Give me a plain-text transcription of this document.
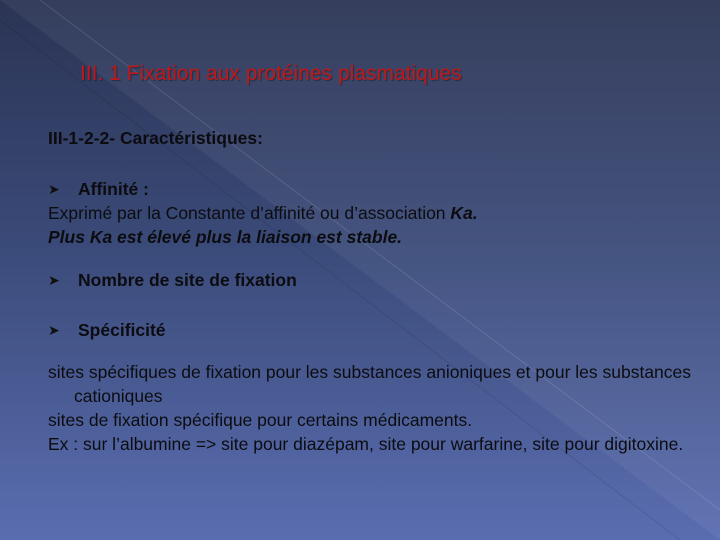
III. 1 Fixation aux protéines plasmatiques
III-1-2-2- Caractéristiques:
➤ Affinité :
Exprimé par la Constante d’affinité ou d’association Ka.
Plus Ka est élevé plus la liaison est stable.
➤ Nombre de site de fixation
➤ Spécificité
sites spécifiques de fixation pour les substances anioniques et pour les substances cationiques
sites de fixation spécifique pour certains médicaments.
Ex : sur l’albumine => site pour diazépam, site pour warfarine, site pour digitoxine.
